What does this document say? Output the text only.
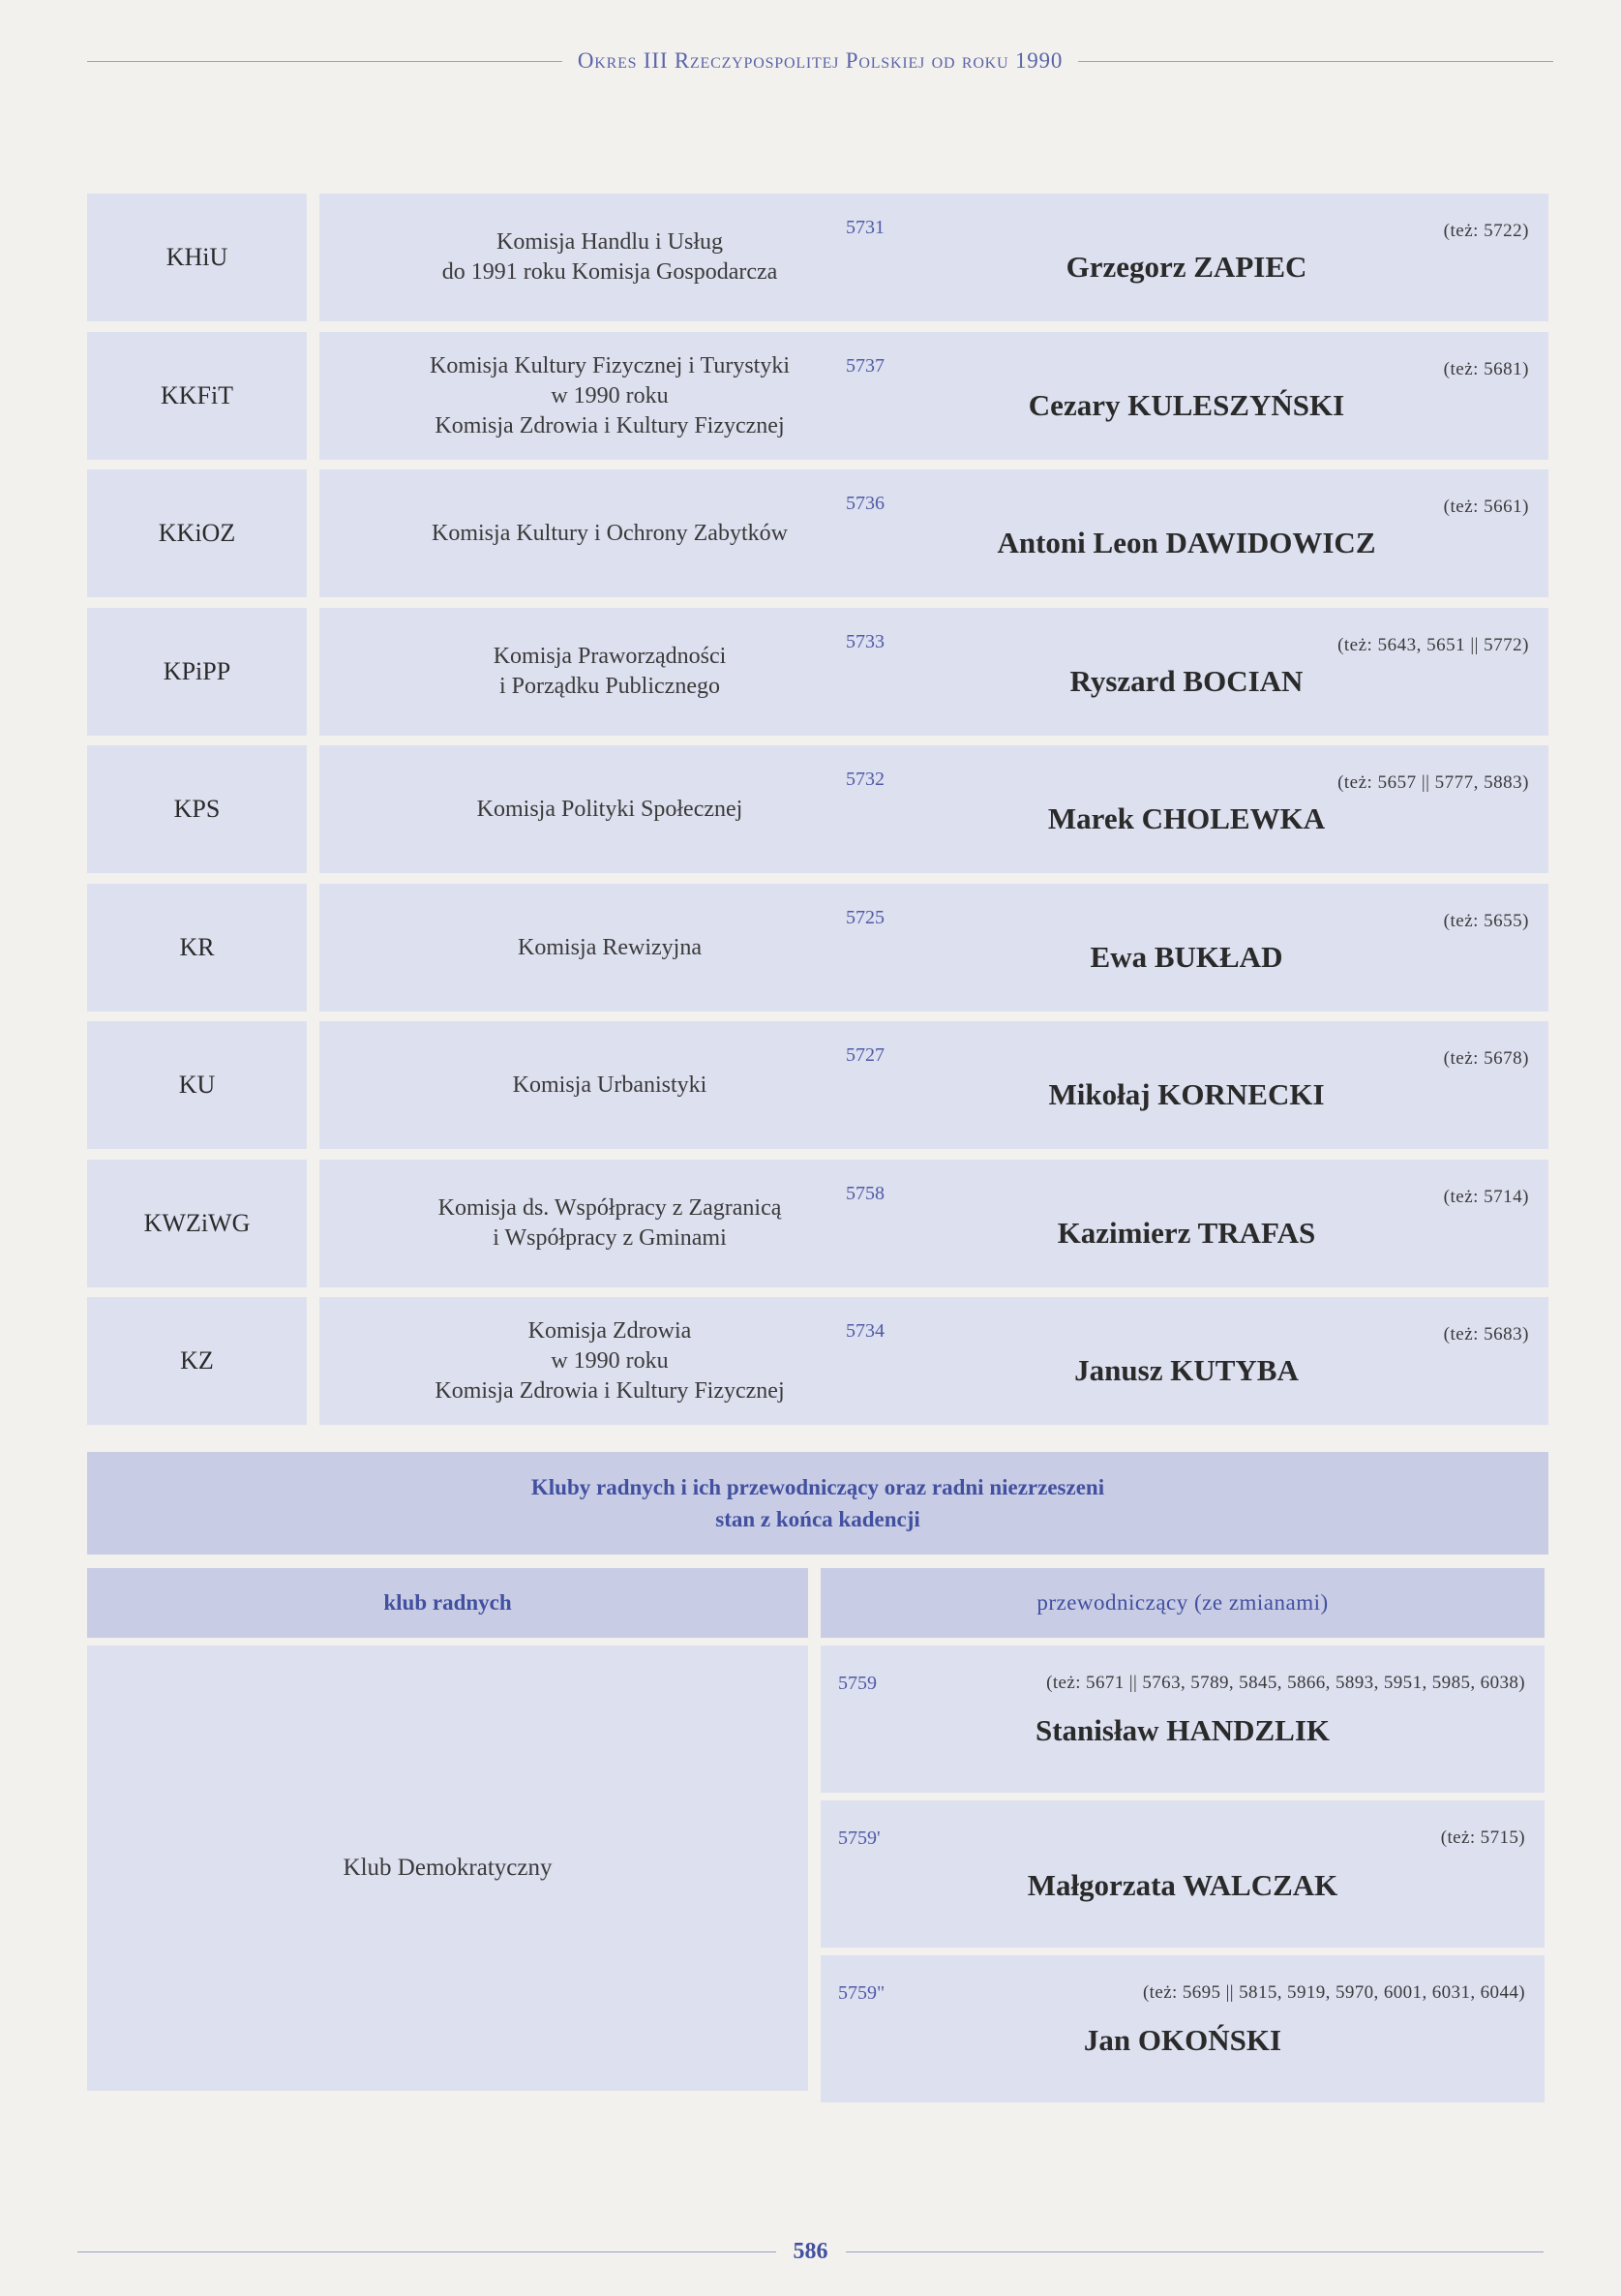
Okres III Rzeczypospolitej Polskiej od roku 1990
KHiU
Komisja Handlu i Usług
do 1991 roku Komisja Gospodarcza
5731	(też: 5722)
Grzegorz ZAPIEC
KKFiT
Komisja Kultury Fizycznej i Turystyki
w 1990 roku
Komisja Zdrowia i Kultury Fizycznej
5737	(też: 5681)
Cezary KULESZYŃSKI
KKiOZ	Komisja Kultury i Ochrony Zabytków
5736	(też: 5661)
Antoni Leon DAWIDOWICZ
KPiPP
Komisja Praworządności
i Porządku Publicznego
5733	(też: 5643, 5651 || 5772)
Ryszard BOCIAN
KPS	Komisja Polityki Społecznej
5732	(też: 5657 || 5777, 5883)
Marek CHOLEWKA
KR	Komisja Rewizyjna
5725	(też: 5655)
Ewa BUKŁAD
KU	Komisja Urbanistyki
5727	(też: 5678)
Mikołaj KORNECKI
KWZiWG
Komisja ds. Współpracy z Zagranicą
i Współpracy z Gminami
5758	(też: 5714)
Kazimierz TRAFAS
KZ
Komisja Zdrowia
w 1990 roku
Komisja Zdrowia i Kultury Fizycznej
5734	(też: 5683)
Janusz KUTYBA
Kluby radnych i ich przewodniczący oraz radni niezrzeszeni
stan z końca kadencji
klub radnych	przewodniczący (ze zmianami)
Klub Demokratyczny
5759	(też: 5671 || 5763, 5789, 5845, 5866, 5893, 5951, 5985, 6038)
Stanisław HANDZLIK
5759'	(też: 5715)
Małgorzata WALCZAK
5759"	(też: 5695 || 5815, 5919, 5970, 6001, 6031, 6044)
Jan OKOŃSKI
586
